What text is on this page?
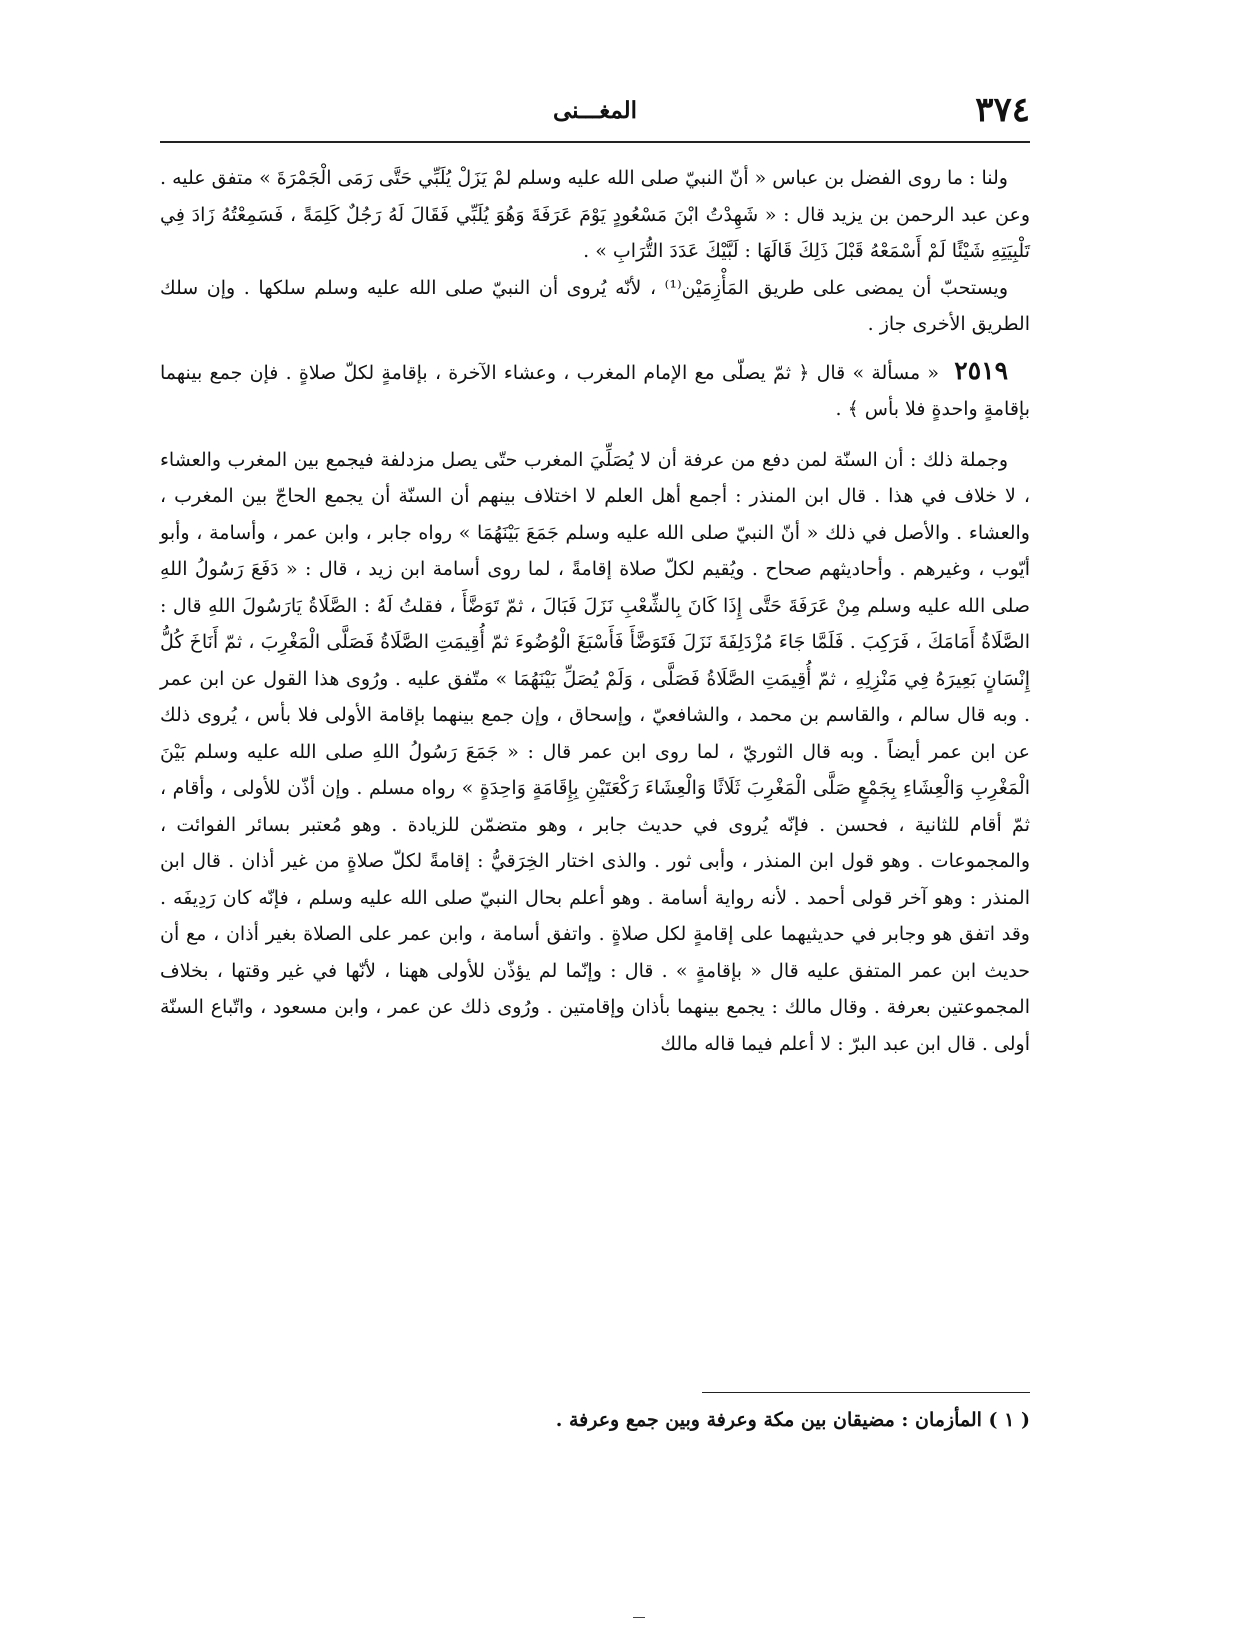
٣٧٤
المغـــنى

ولنا : ما روى الفضل بن عباس « أنّ النبيّ صلى الله عليه وسلم لمْ يَزَلْ يُلَبِّي حَتَّى رَمَى الْجَمْرَةَ » متفق عليه . وعن عبد الرحمن بن يزيد قال : « شَهِدْتُ ابْنَ مَسْعُودٍ يَوْمَ عَرَفَةَ وَهُوَ يُلَبِّي فَقَالَ لَهُ رَجُلٌ كَلِمَةً ، فَسَمِعْتُهُ زَادَ فِي تَلْبِيَتِهِ شَيْئًا لَمْ أَسْمَعْهُ قَبْلَ ذَلِكَ قَالَهَا : لَبَّيْكَ عَدَدَ التُّرَابِ » .

ويستحبّ أن يمضى على طريق المَأْزِمَيْن⁽¹⁾ ، لأنّه يُروى أن النبيّ صلى الله عليه وسلم سلكها . وإن سلك الطريق الأخرى جاز .

٢٥١٩ « مسألة » قال ﴿ ثمّ يصلّى مع الإمام المغرب ، وعشاء الآخرة ، بإقامةٍ لكلّ صلاةٍ . فإن جمع بينهما بإقامةٍ واحدةٍ فلا بأس ﴾ .

وجملة ذلك : أن السنّة لمن دفع من عرفة أن لا يُصَلِّيَ المغرب حتّى يصل مزدلفة فيجمع بين المغرب والعشاء ، لا خلاف في هذا . قال ابن المنذر : أجمع أهل العلم لا اختلاف بينهم أن السنّة أن يجمع الحاجّ بين المغرب ، والعشاء . والأصل في ذلك « أنّ النبيّ صلى الله عليه وسلم جَمَعَ بَيْنَهُمَا » رواه جابر ، وابن عمر ، وأسامة ، وأبو أيّوب ، وغيرهم . وأحاديثهم صحاح . ويُقيم لكلّ صلاة إقامةً ، لما روى أسامة ابن زيد ، قال : « دَفَعَ رَسُولُ اللهِ صلى الله عليه وسلم مِنْ عَرَفَةَ حَتَّى إِذَا كَانَ بِالشِّعْبِ نَزَلَ فَبَالَ ، ثمّ تَوَضَّأَ ، فقلتُ لَهُ : الصَّلَاةُ يَارَسُولَ اللهِ قال : الصَّلَاةُ أَمَامَكَ ، فَرَكِبَ . فَلَمَّا جَاءَ مُزْدَلِفَةَ نَزَلَ فَتَوَضَّأَ فَأَسْبَغَ الْوُضُوءَ ثمّ أُقِيمَتِ الصَّلَاةُ فَصَلَّى الْمَغْرِبَ ، ثمّ أَنَاخَ كُلُّ إِنْسَانٍ بَعِيرَهُ فِي مَنْزِلِهِ ، ثمّ أُقِيمَتِ الصَّلَاةُ فَصَلَّى ، وَلَمْ يُصَلِّ بَيْنَهُمَا » متّفق عليه . ورُوى هذا القول عن ابن عمر . وبه قال سالم ، والقاسم بن محمد ، والشافعيّ ، وإسحاق ، وإن جمع بينهما بإقامة الأولى فلا بأس ، يُروى ذلك عن ابن عمر أيضاً . وبه قال الثوريّ ، لما روى ابن عمر قال : « جَمَعَ رَسُولُ اللهِ صلى الله عليه وسلم بَيْنَ الْمَغْرِبِ وَالْعِشَاءِ بِجَمْعٍ صَلَّى الْمَغْرِبَ ثَلَاثًا وَالْعِشَاءَ رَكْعَتَيْنِ بِإِقَامَةٍ وَاحِدَةٍ » رواه مسلم . وإن أذّن للأولى ، وأقام ، ثمّ أقام للثانية ، فحسن . فإنّه يُروى في حديث جابر ، وهو متضمّن للزيادة . وهو مُعتبر بسائر الفوائت ، والمجموعات . وهو قول ابن المنذر ، وأبى ثور . والذى اختار الخِرَقيُّ : إقامةً لكلّ صلاةٍ من غير أذان . قال ابن المنذر : وهو آخر قولى أحمد . لأنه رواية أسامة . وهو أعلم بحال النبيّ صلى الله عليه وسلم ، فإنّه كان رَدِيفَه . وقد اتفق هو وجابر في حديثيهما على إقامةٍ لكل صلاةٍ . واتفق أسامة ، وابن عمر على الصلاة بغير أذان ، مع أن حديث ابن عمر المتفق عليه قال « بإقامةٍ » . قال : وإنّما لم يؤذّن للأولى ههنا ، لأنّها في غير وقتها ، بخلاف المجموعتين بعرفة . وقال مالك : يجمع بينهما بأذان وإقامتين . ورُوى ذلك عن عمر ، وابن مسعود ، واتّباع السنّة أولى . قال ابن عبد البرّ : لا أعلم فيما قاله مالك

( ١ ) المأزمان : مضيقان بين مكة وعرفة وبين جمع وعرفة .
